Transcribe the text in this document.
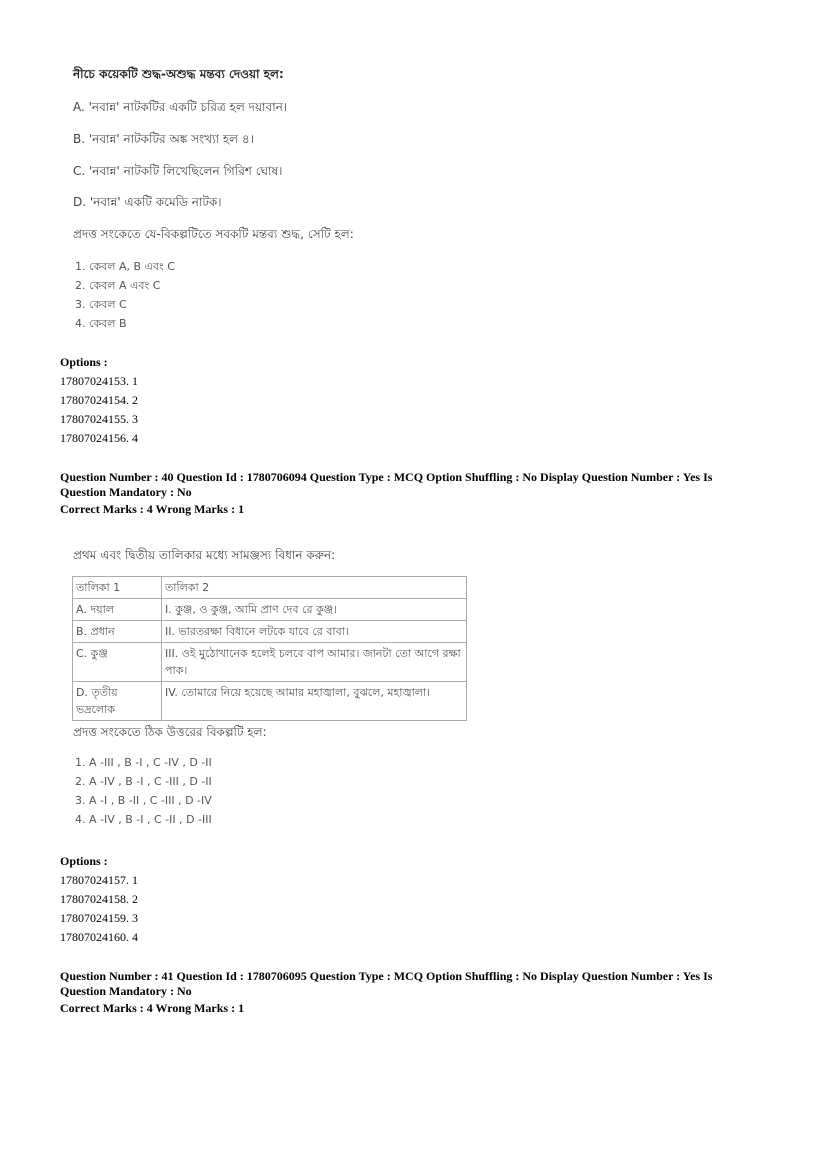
নীচে কয়েকটি শুদ্ধ-অশুদ্ধ মন্তব্য দেওয়া হল:
A. 'নবান্ন' নাটকটির একটি চরিত্র হল দয়াবান।
B. 'নবান্ন' নাটকটির অঙ্ক সংখ্যা হল ৪।
C. 'নবান্ন' নাটকটি লিখেছিলেন গিরিশ ঘোষ।
D. 'নবান্ন' একটি কমেডি নাটক।
প্রদত্ত সংকেতে যে-বিকল্পটিতে সবকটি মন্তব্য শুদ্ধ, সেটি হল:
1. কেবল A, B এবং C
2. কেবল A এবং C
3. কেবল C
4. কেবল B
Options :
17807024153. 1
17807024154. 2
17807024155. 3
17807024156. 4
Question Number : 40 Question Id : 1780706094 Question Type : MCQ Option Shuffling : No Display Question Number : Yes Is
Question Mandatory : No
Correct Marks : 4 Wrong Marks : 1
প্রথম এবং দ্বিতীয় তালিকার মধ্যে সামঞ্জস্য বিধান করুন:
তালিকা 1	তালিকা 2
A. দয়াল	I. কুঞ্জ, ও কুঞ্জ, আমি প্রাণ দেব রে কুঞ্জ।
B. প্রধান	II. ভারতরক্ষা বিধানে লটকে যাবে রে বাবা।
C. কুঞ্জ	III. ওই মুঠোখানেক হলেই চলবে বাপ আমার। জানটা তো আগে রক্ষা পাক।
D. তৃতীয় ভদ্রলোক	IV. তোমারে নিয়ে হয়েছে আমার মহাজ্বালা, বুঝলে, মহাজ্বালা।
প্রদত্ত সংকেতে ঠিক উত্তরের বিকল্পটি হল:
1. A -III , B -I , C -IV , D -II
2. A -IV , B -I , C -III , D -II
3. A -I , B -II , C -III , D -IV
4. A -IV , B -I , C -II , D -III
Options :
17807024157. 1
17807024158. 2
17807024159. 3
17807024160. 4
Question Number : 41 Question Id : 1780706095 Question Type : MCQ Option Shuffling : No Display Question Number : Yes Is
Question Mandatory : No
Correct Marks : 4 Wrong Marks : 1
